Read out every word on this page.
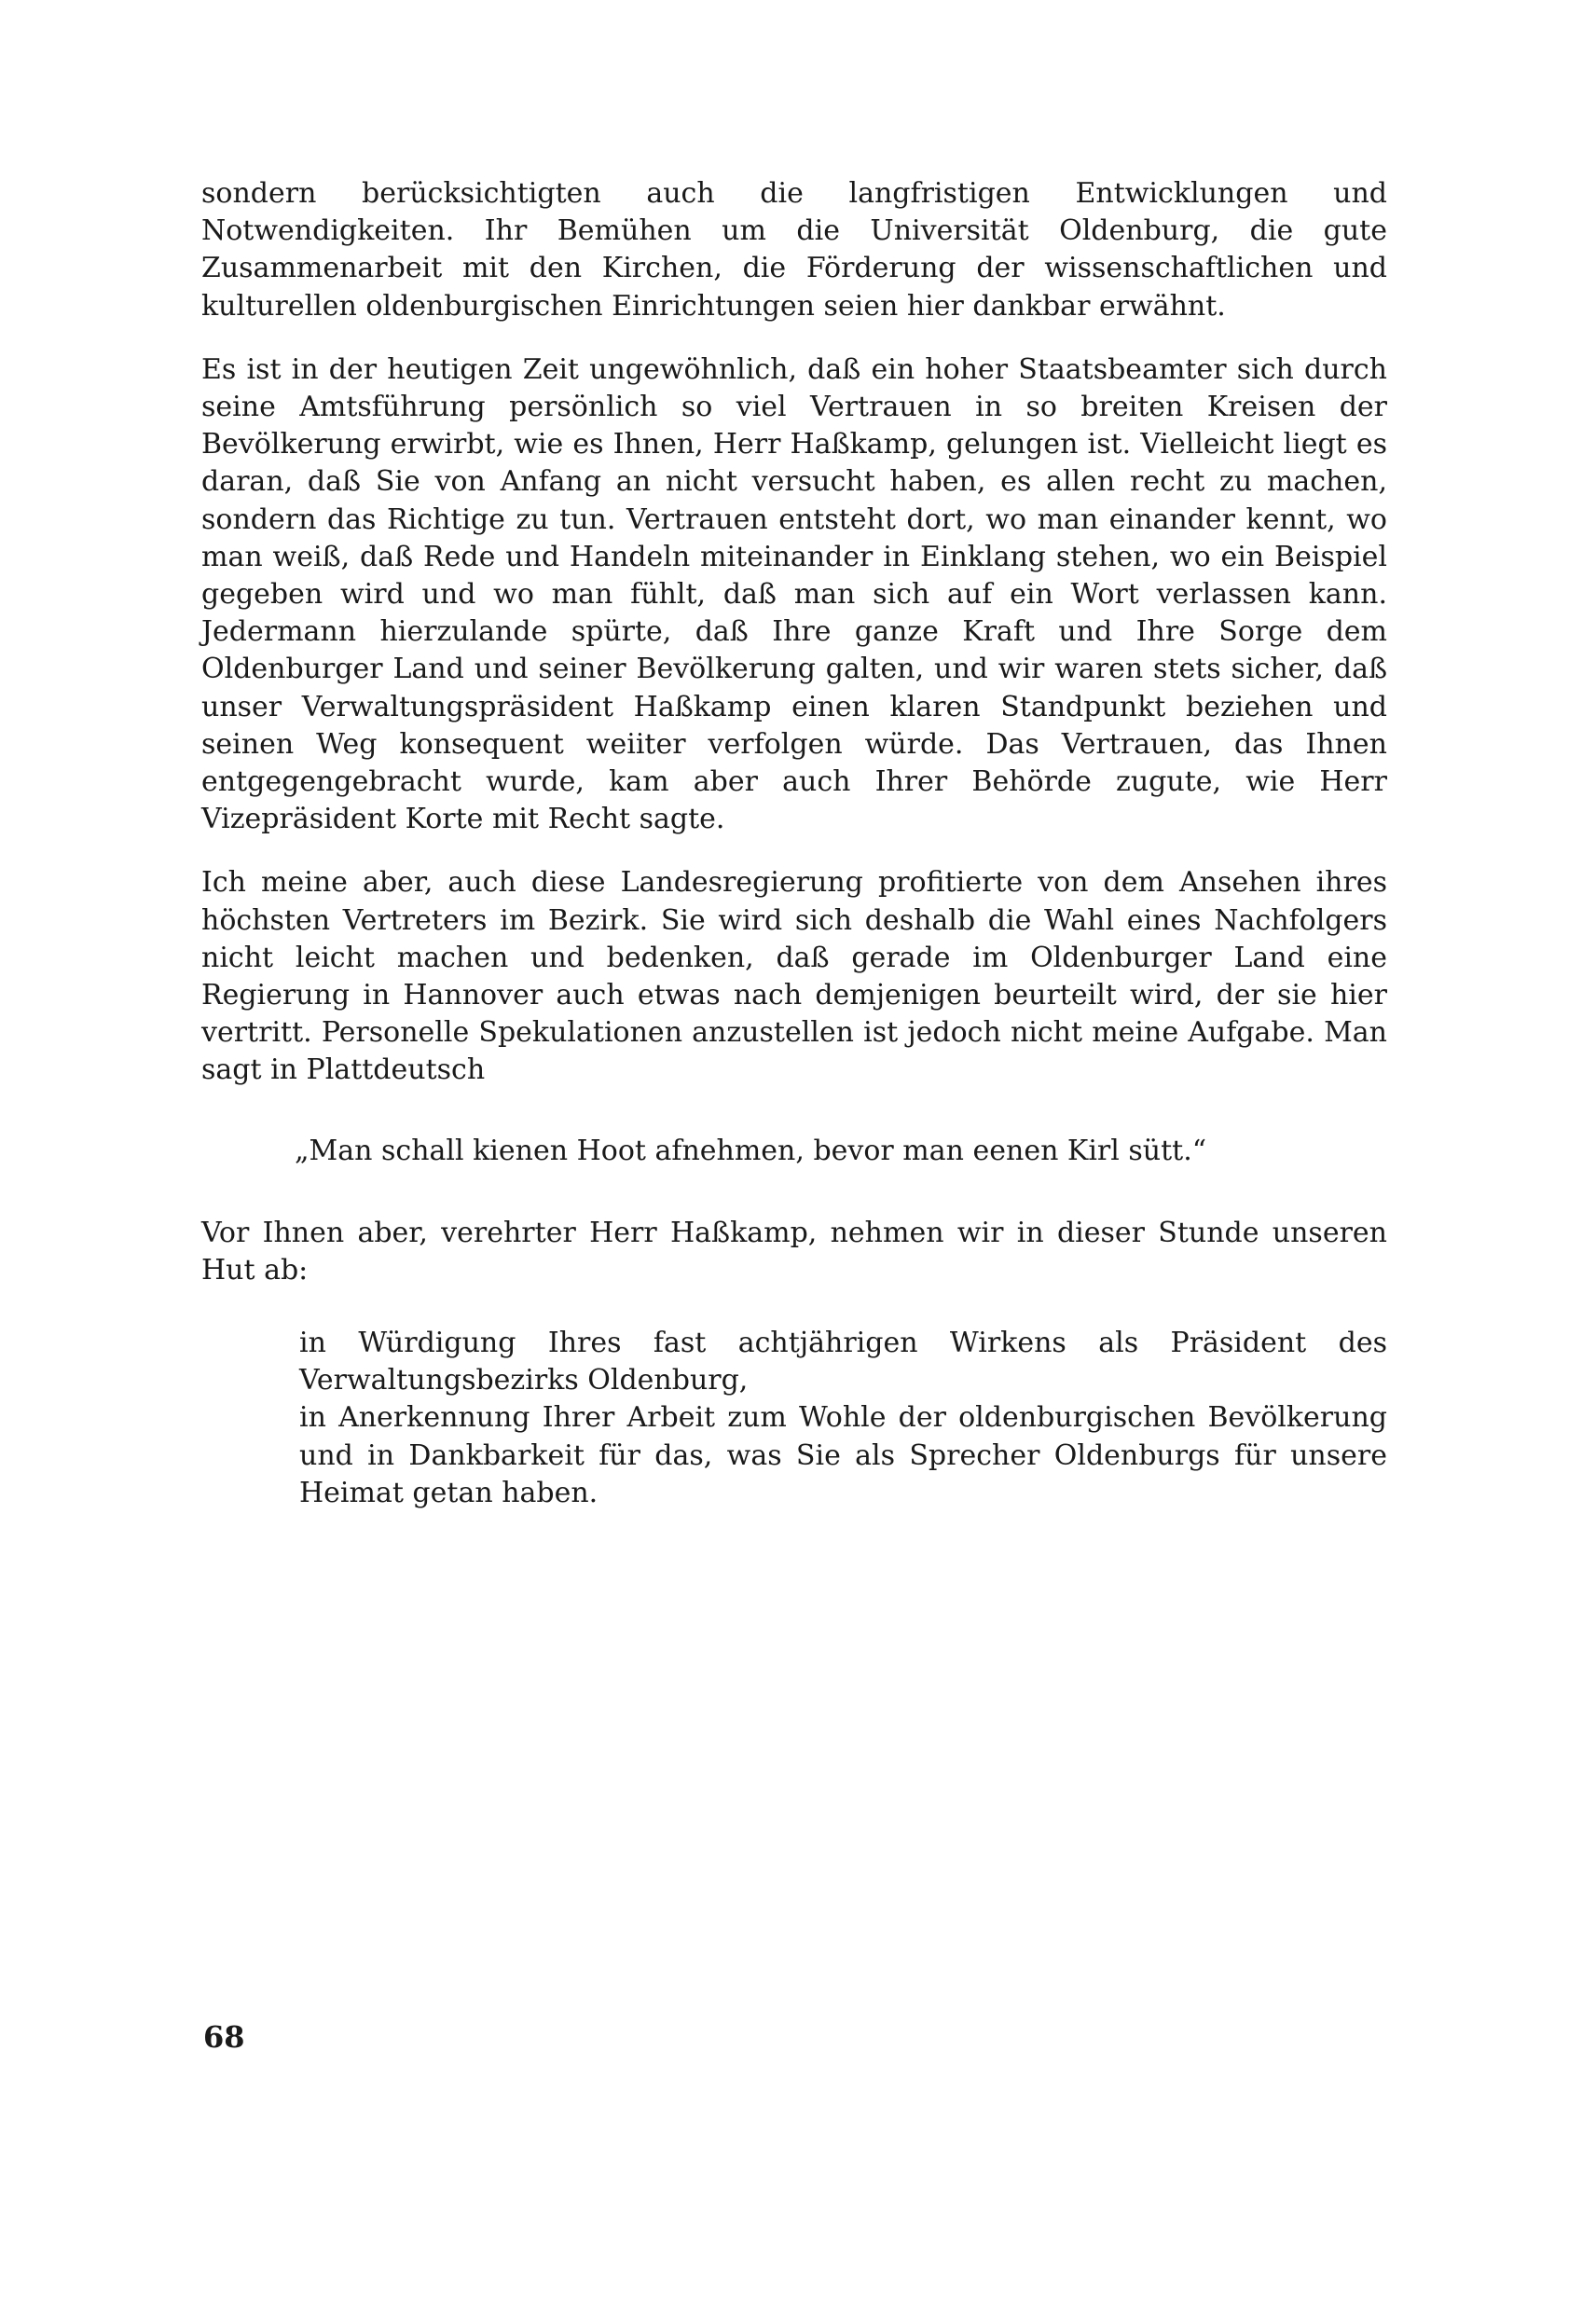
sondern berücksichtigten auch die langfristigen Entwicklungen und Notwendigkeiten. Ihr Bemühen um die Universität Oldenburg, die gute Zusammenarbeit mit den Kirchen, die Förderung der wissenschaftlichen und kulturellen oldenburgischen Einrichtungen seien hier dankbar erwähnt.

Es ist in der heutigen Zeit ungewöhnlich, daß ein hoher Staatsbeamter sich durch seine Amtsführung persönlich so viel Vertrauen in so breiten Kreisen der Bevölkerung erwirbt, wie es Ihnen, Herr Haßkamp, gelungen ist. Vielleicht liegt es daran, daß Sie von Anfang an nicht versucht haben, es allen recht zu machen, sondern das Richtige zu tun. Vertrauen entsteht dort, wo man einander kennt, wo man weiß, daß Rede und Handeln miteinander in Einklang stehen, wo ein Beispiel gegeben wird und wo man fühlt, daß man sich auf ein Wort verlassen kann. Jedermann hierzulande spürte, daß Ihre ganze Kraft und Ihre Sorge dem Oldenburger Land und seiner Bevölkerung galten, und wir waren stets sicher, daß unser Verwaltungspräsident Haßkamp einen klaren Standpunkt beziehen und seinen Weg konsequent weiiter verfolgen würde. Das Vertrauen, das Ihnen entgegengebracht wurde, kam aber auch Ihrer Behörde zugute, wie Herr Vizepräsident Korte mit Recht sagte.

Ich meine aber, auch diese Landesregierung profitierte von dem Ansehen ihres höchsten Vertreters im Bezirk. Sie wird sich deshalb die Wahl eines Nachfolgers nicht leicht machen und bedenken, daß gerade im Oldenburger Land eine Regierung in Hannover auch etwas nach demjenigen beurteilt wird, der sie hier vertritt. Personelle Spekulationen anzustellen ist jedoch nicht meine Aufgabe. Man sagt in Plattdeutsch

„Man schall kienen Hoot afnehmen, bevor man eenen Kirl sütt.“

Vor Ihnen aber, verehrter Herr Haßkamp, nehmen wir in dieser Stunde unseren Hut ab:

in Würdigung Ihres fast achtjährigen Wirkens als Präsident des Verwaltungsbezirks Oldenburg,
in Anerkennung Ihrer Arbeit zum Wohle der oldenburgischen Bevölkerung und in Dankbarkeit für das, was Sie als Sprecher Oldenburgs für unsere Heimat getan haben.
68
